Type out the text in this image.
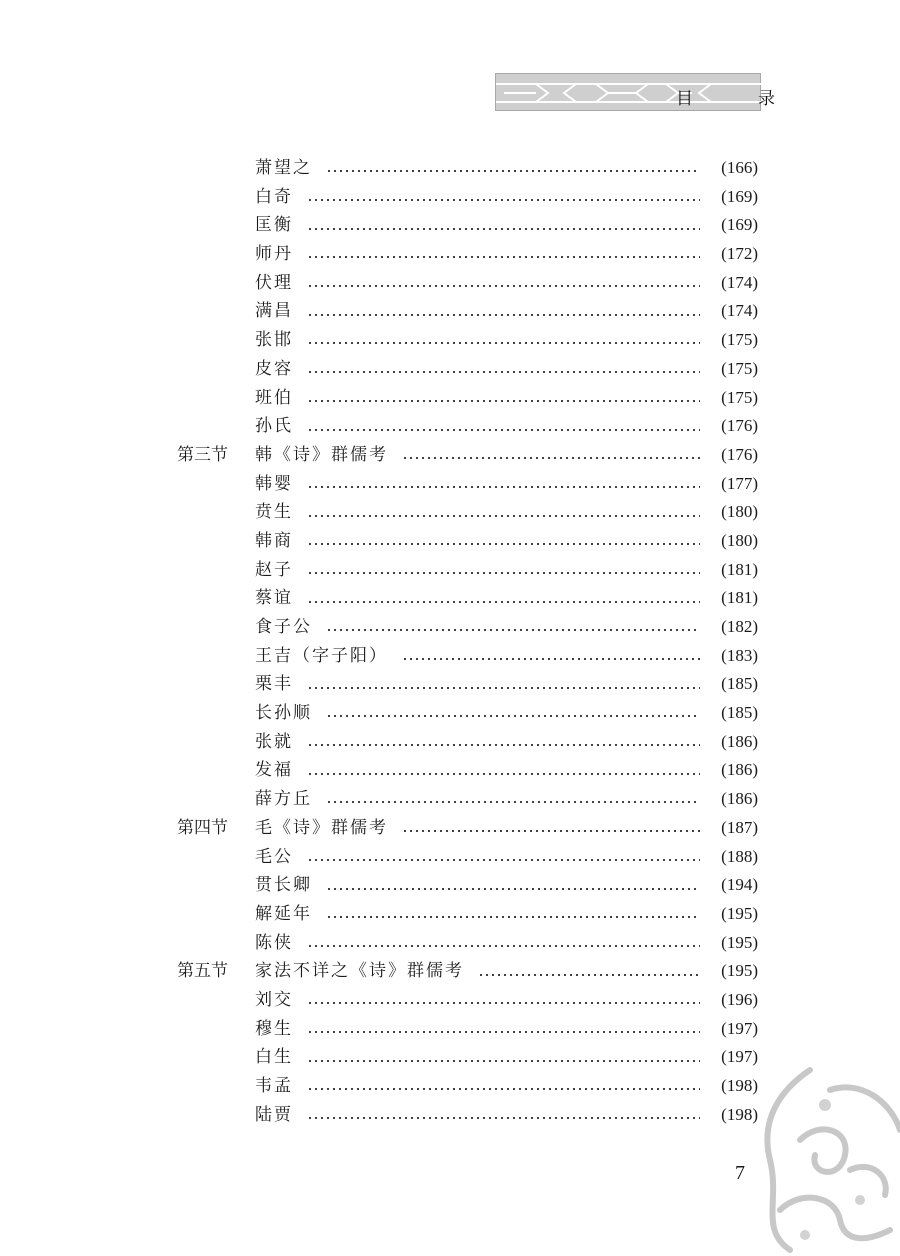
目　录
萧望之	(166)
白奇	(169)
匡衡	(169)
师丹	(172)
伏理	(174)
满昌	(174)
张邯	(175)
皮容	(175)
班伯	(175)
孙氏	(176)
第三节 韩《诗》群儒考	(176)
韩婴	(177)
贲生	(180)
韩商	(180)
赵子	(181)
蔡谊	(181)
食子公	(182)
王吉（字子阳）	(183)
栗丰	(185)
长孙顺	(185)
张就	(186)
发福	(186)
薛方丘	(186)
第四节 毛《诗》群儒考	(187)
毛公	(188)
贯长卿	(194)
解延年	(195)
陈侠	(195)
第五节 家法不详之《诗》群儒考	(195)
刘交	(196)
穆生	(197)
白生	(197)
韦孟	(198)
陆贾	(198)
7
